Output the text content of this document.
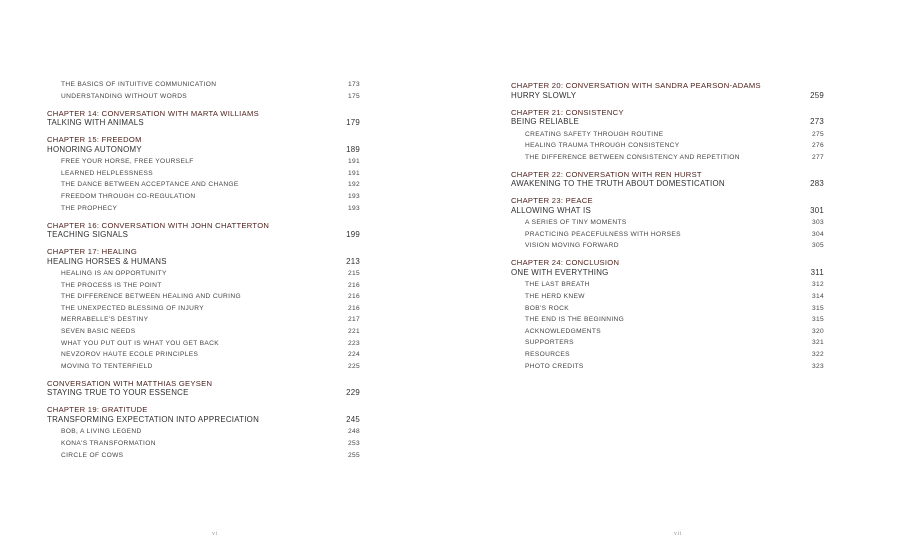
THE BASICS OF INTUITIVE COMMUNICATION	173
UNDERSTANDING WITHOUT WORDS	175
CHAPTER 14: CONVERSATION WITH MARTA WILLIAMS
TALKING WITH ANIMALS	179
CHAPTER 15: FREEDOM
HONORING AUTONOMY	189
FREE YOUR HORSE, FREE YOURSELF	191
LEARNED HELPLESSNESS	191
THE DANCE BETWEEN ACCEPTANCE AND CHANGE	192
FREEDOM THROUGH CO-REGULATION	193
THE PROPHECY	193
CHAPTER 16: CONVERSATION WITH JOHN CHATTERTON
TEACHING SIGNALS	199
CHAPTER 17: HEALING
HEALING HORSES & HUMANS	213
HEALING IS AN OPPORTUNITY	215
THE PROCESS IS THE POINT	216
THE DIFFERENCE BETWEEN HEALING AND CURING	216
THE UNEXPECTED BLESSING OF INJURY	216
MERRABELLE'S DESTINY	217
SEVEN BASIC NEEDS	221
WHAT YOU PUT OUT IS WHAT YOU GET BACK	223
NEVZOROV HAUTE ECOLE PRINCIPLES	224
MOVING TO TENTERFIELD	225
CONVERSATION WITH MATTHIAS GEYSEN
STAYING TRUE TO YOUR ESSENCE	229
CHAPTER 19: GRATITUDE
TRANSFORMING EXPECTATION INTO APPRECIATION	245
BOB, A LIVING LEGEND	248
KONA'S TRANSFORMATION	253
CIRCLE OF COWS	255
CHAPTER 20: CONVERSATION WITH SANDRA PEARSON-ADAMS
HURRY SLOWLY	259
CHAPTER 21: CONSISTENCY
BEING RELIABLE	273
CREATING SAFETY THROUGH ROUTINE	275
HEALING TRAUMA THROUGH CONSISTENCY	276
THE DIFFERENCE BETWEEN CONSISTENCY AND REPETITION	277
CHAPTER 22: CONVERSATION WITH REN HURST
AWAKENING TO THE TRUTH ABOUT DOMESTICATION	283
CHAPTER 23: PEACE
ALLOWING WHAT IS	301
A SERIES OF TINY MOMENTS	303
PRACTICING PEACEFULNESS WITH HORSES	304
VISION MOVING FORWARD	305
CHAPTER 24: CONCLUSION
ONE WITH EVERYTHING	311
THE LAST BREATH	312
THE HERD KNEW	314
BOB'S ROCK	315
THE END IS THE BEGINNING	315
ACKNOWLEDGMENTS	320
SUPPORTERS	321
RESOURCES	322
PHOTO CREDITS	323
···
vi
···
vii
